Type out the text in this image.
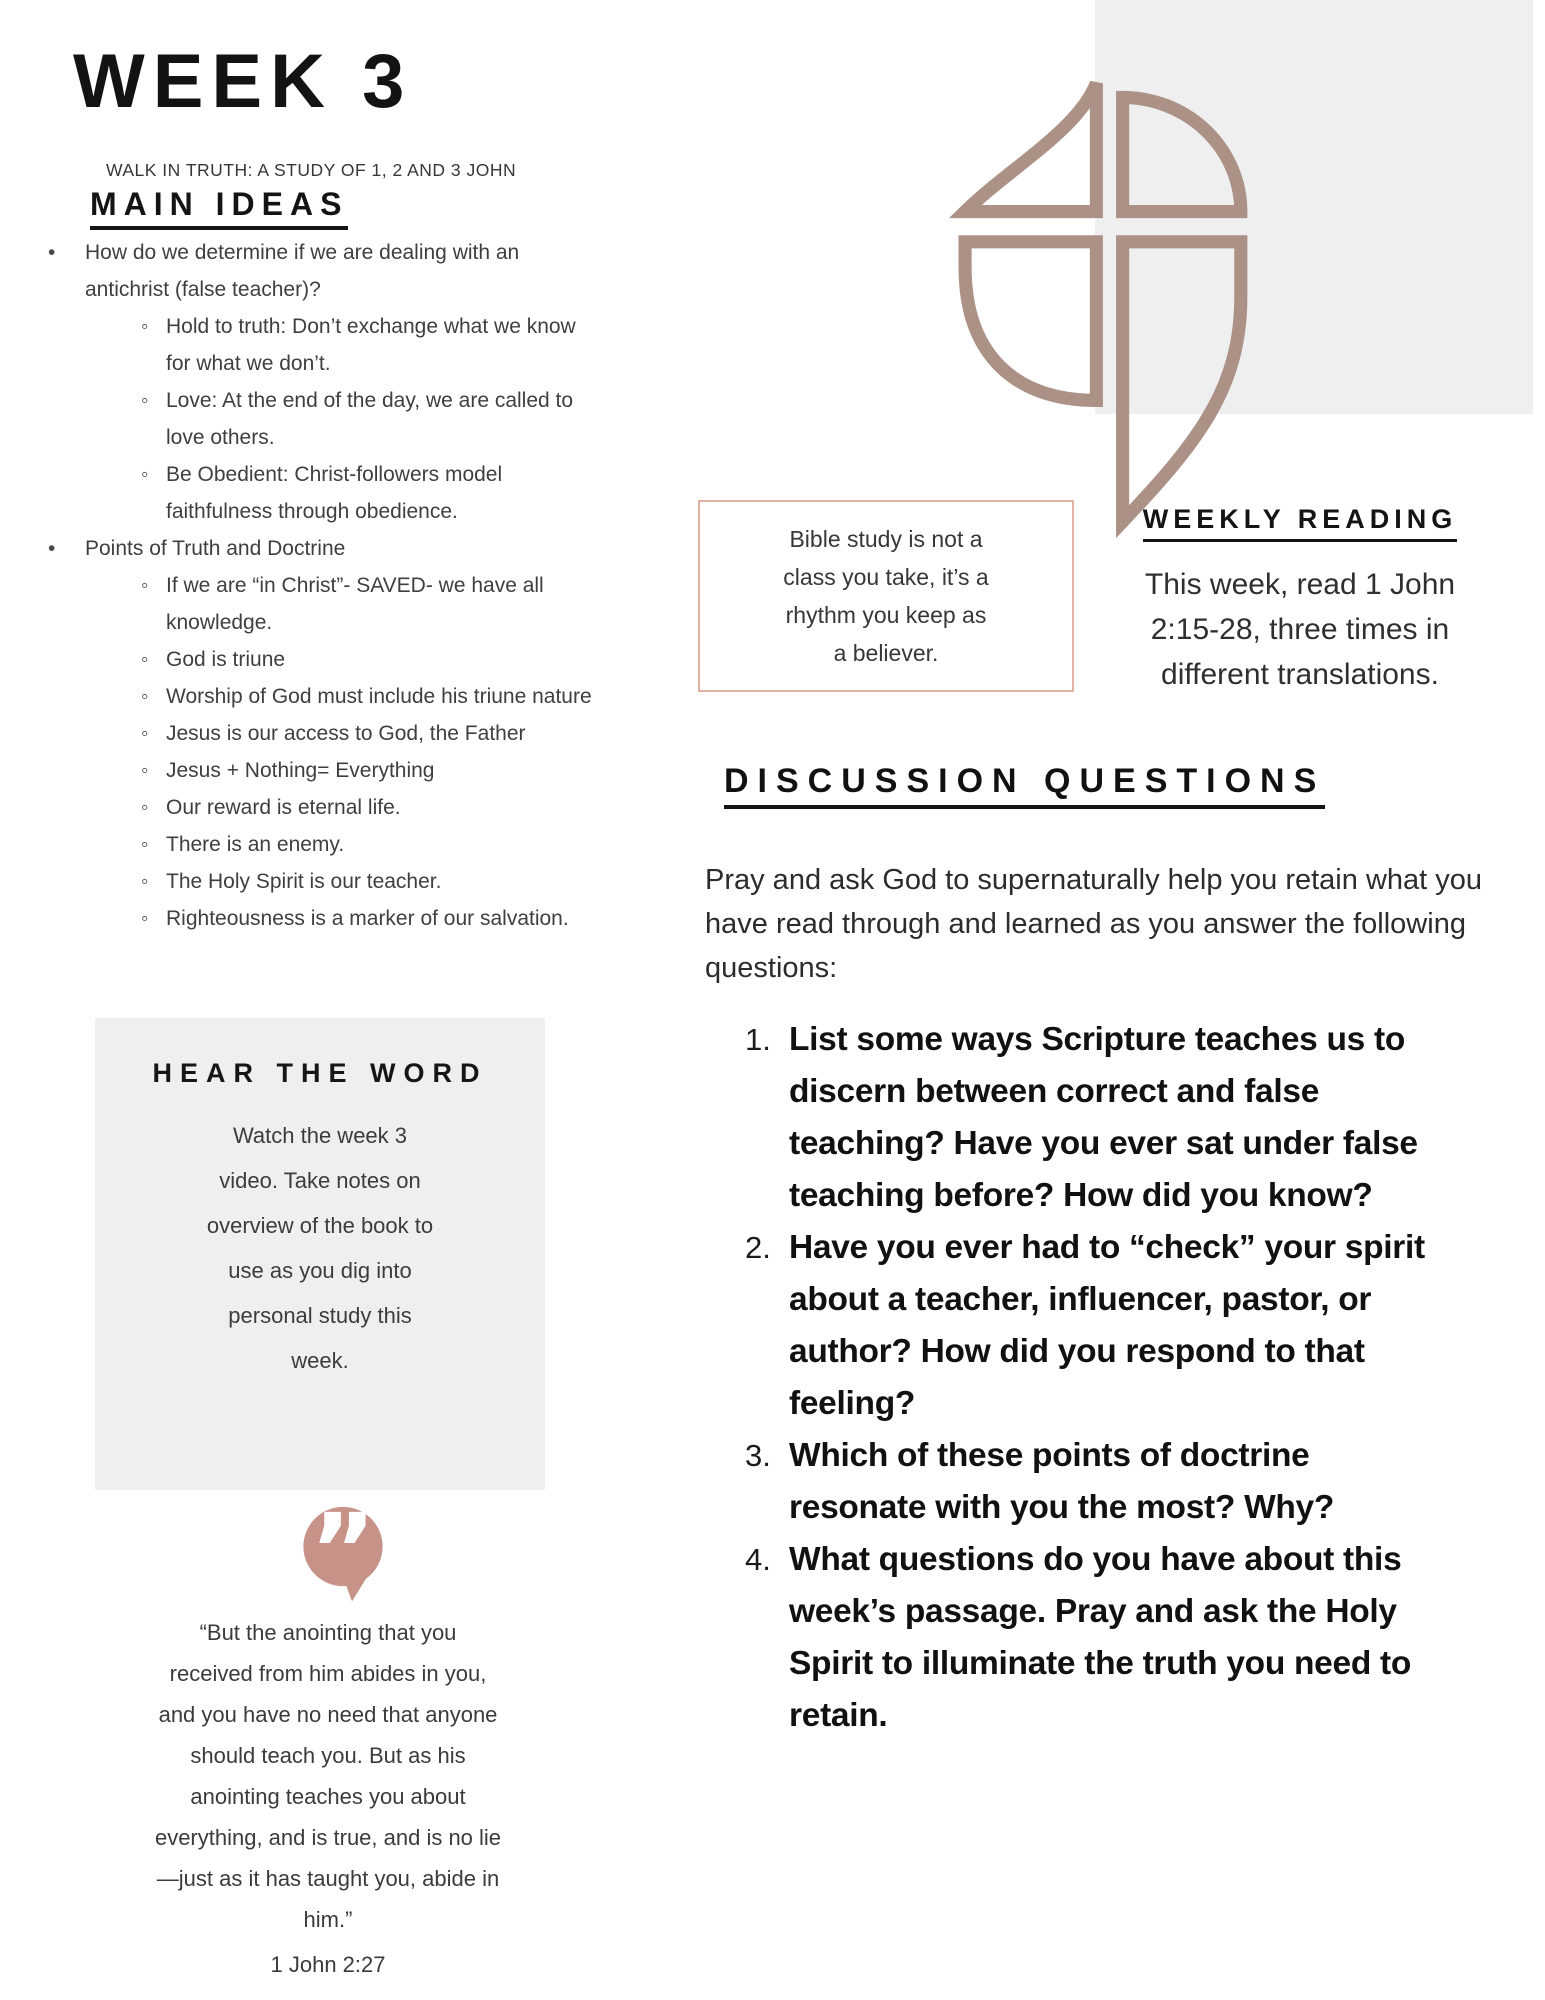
WEEK 3
WALK IN TRUTH: A STUDY OF 1, 2 AND 3 JOHN
MAIN IDEAS
• How do we determine if we are dealing with an antichrist (false teacher)?
◦ Hold to truth: Don’t exchange what we know for what we don’t.
◦ Love: At the end of the day, we are called to love others.
◦ Be Obedient: Christ-followers model faithfulness through obedience.
• Points of Truth and Doctrine
◦ If we are “in Christ”- SAVED- we have all knowledge.
◦ God is triune
◦ Worship of God must include his triune nature
◦ Jesus is our access to God, the Father
◦ Jesus + Nothing= Everything
◦ Our reward is eternal life.
◦ There is an enemy.
◦ The Holy Spirit is our teacher.
◦ Righteousness is a marker of our salvation.
HEAR THE WORD
Watch the week 3
video. Take notes on
overview of the book to
use as you dig into
personal study this
week.
”
“But the anointing that you
received from him abides in you,
and you have no need that anyone
should teach you. But as his
anointing teaches you about
everything, and is true, and is no lie
—just as it has taught you, abide in
him.”
1 John 2:27
Bible study is not a
class you take, it’s a
rhythm you keep as
a believer.
WEEKLY READING
This week, read 1 John
2:15-28, three times in
different translations.
DISCUSSION QUESTIONS
Pray and ask God to supernaturally help you retain what you have read through and learned as you answer the following questions:
1. List some ways Scripture teaches us to discern between correct and false teaching? Have you ever sat under false teaching before? How did you know?
2. Have you ever had to “check” your spirit about a teacher, influencer, pastor, or author? How did you respond to that feeling?
3. Which of these points of doctrine resonate with you the most? Why?
4. What questions do you have about this week’s passage. Pray and ask the Holy Spirit to illuminate the truth you need to retain.
